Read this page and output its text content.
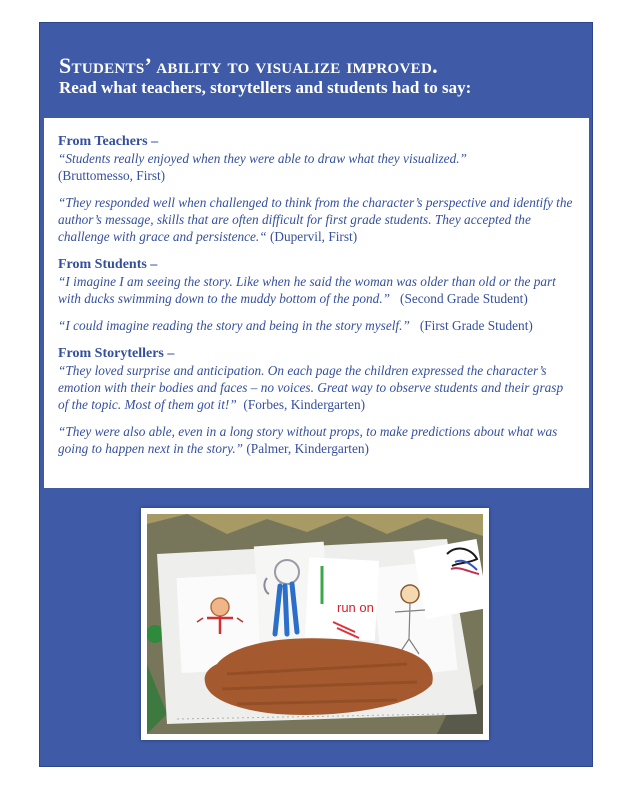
Students’ ability to visualize improved.

Read what teachers, storytellers and students had to say:

From Teachers –

“Students really enjoyed when they were able to draw what they visualized.”
(Bruttomesso, First)

“They responded well when challenged to think from the character’s perspective and identify the author’s message, skills that are often difficult for first grade students. They accepted the challenge with grace and persistence.“ (Dupervil, First)

From Students –

“I imagine I am seeing the story. Like when he said the woman was older than old or the part with ducks swimming down to the muddy bottom of the pond.” (Second Grade Student)

“I could imagine reading the story and being in the story myself.” (First Grade Student)

From Storytellers –

“They loved surprise and anticipation. On each page the children expressed the character’s emotion with their bodies and faces – no voices. Great way to observe students and their grasp of the topic. Most of them got it!” (Forbes, Kindergarten)

“They were also able, even in a long story without props, to make predictions about what was going to happen next in the story.” (Palmer, Kindergarten)

run on
